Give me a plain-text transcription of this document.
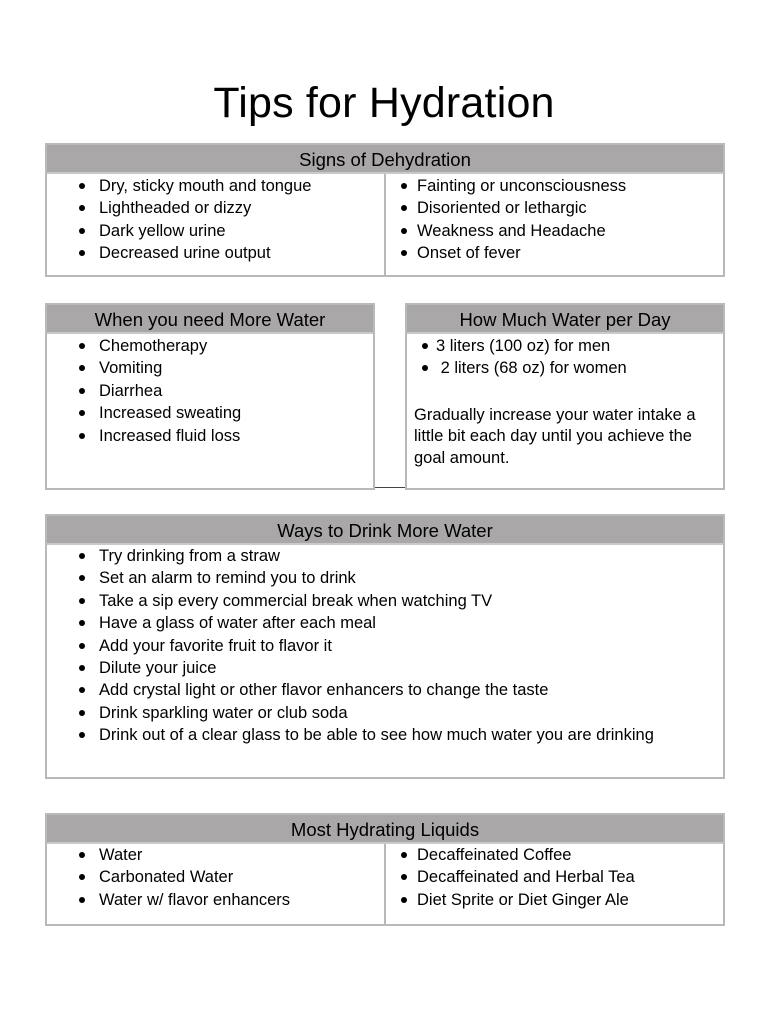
Tips for Hydration
Signs of Dehydration
Dry, sticky mouth and tongue
Lightheaded or dizzy
Dark yellow urine
Decreased urine output
Fainting or unconsciousness
Disoriented or lethargic
Weakness and Headache
Onset of fever
When you need More Water
Chemotherapy
Vomiting
Diarrhea
Increased sweating
Increased fluid loss
How Much Water per Day
3 liters (100 oz) for men
2 liters (68 oz) for women
Gradually increase your water intake a little bit each day until you achieve the goal amount.
Ways to Drink More Water
Try drinking from a straw
Set an alarm to remind you to drink
Take a sip every commercial break when watching TV
Have a glass of water after each meal
Add your favorite fruit to flavor it
Dilute your juice
Add crystal light or other flavor enhancers to change the taste
Drink sparkling water or club soda
Drink out of a clear glass to be able to see how much water you are drinking
Most Hydrating Liquids
Water
Carbonated Water
Water w/ flavor enhancers
Decaffeinated Coffee
Decaffeinated and Herbal Tea
Diet Sprite or Diet Ginger Ale
